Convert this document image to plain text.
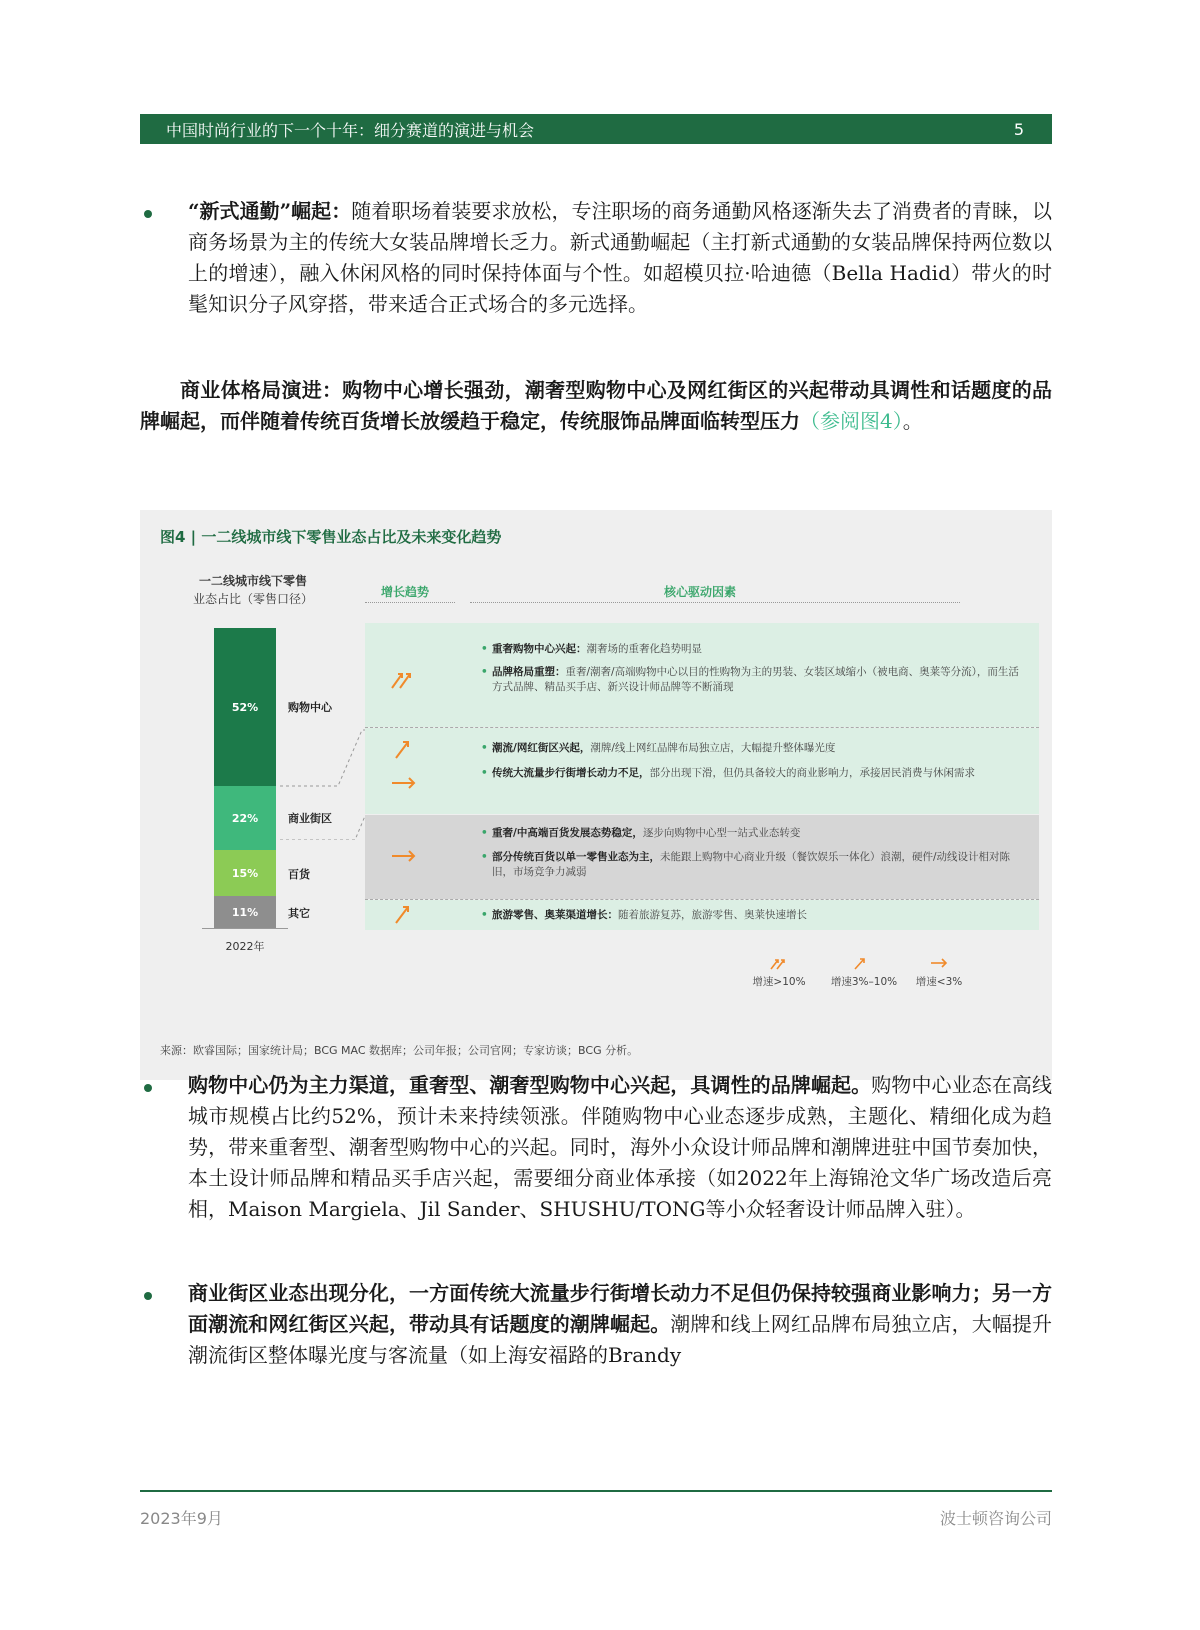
中国时尚行业的下一个十年：细分赛道的演进与机会	5
“新式通勤”崛起：随着职场着装要求放松，专注职场的商务通勤风格逐渐失去了消费者的青睐，以商务场景为主的传统大女装品牌增长乏力。新式通勤崛起（主打新式通勤的女装品牌保持两位数以上的增速），融入休闲风格的同时保持体面与个性。如超模贝拉·哈迪德（Bella Hadid）带火的时髦知识分子风穿搭，带来适合正式场合的多元选择。
商业体格局演进：购物中心增长强劲，潮奢型购物中心及网红街区的兴起带动具调性和话题度的品牌崛起，而伴随着传统百货增长放缓趋于稳定，传统服饰品牌面临转型压力（参阅图4）。
图4 | 一二线城市线下零售业态占比及未来变化趋势
一二线城市线下零售
业态占比（零售口径）	增长趋势	核心驱动因素
52%
22%
15%
11%
2022年
购物中心
商业街区
百货
其它
• 重奢购物中心兴起：潮奢场的重奢化趋势明显
• 品牌格局重塑：重奢/潮奢/高端购物中心以目的性购物为主的男装、女装区域缩小（被电商、奥莱等分流），而生活方式品牌、精品买手店、新兴设计师品牌等不断涌现
• 潮流/网红街区兴起，潮牌/线上网红品牌布局独立店，大幅提升整体曝光度
• 传统大流量步行街增长动力不足，部分出现下滑，但仍具备较大的商业影响力，承接居民消费与休闲需求
• 重奢/中高端百货发展态势稳定，逐步向购物中心型一站式业态转变
• 部分传统百货以单一零售业态为主，未能跟上购物中心商业升级（餐饮娱乐一体化）浪潮，硬件/动线设计相对陈旧，市场竞争力减弱
• 旅游零售、奥莱渠道增长：随着旅游复苏，旅游零售、奥莱快速增长
增速>10%	增速3%–10%	增速<3%
来源：欧睿国际；国家统计局；BCG MAC 数据库；公司年报；公司官网；专家访谈；BCG 分析。
购物中心仍为主力渠道，重奢型、潮奢型购物中心兴起，具调性的品牌崛起。购物中心业态在高线城市规模占比约52%，预计未来持续领涨。伴随购物中心业态逐步成熟，主题化、精细化成为趋势，带来重奢型、潮奢型购物中心的兴起。同时，海外小众设计师品牌和潮牌进驻中国节奏加快，本土设计师品牌和精品买手店兴起，需要细分商业体承接（如2022年上海锦沧文华广场改造后亮相，Maison Margiela、Jil Sander、SHUSHU/TONG等小众轻奢设计师品牌入驻）。
商业街区业态出现分化，一方面传统大流量步行街增长动力不足但仍保持较强商业影响力；另一方面潮流和网红街区兴起，带动具有话题度的潮牌崛起。潮牌和线上网红品牌布局独立店，大幅提升潮流街区整体曝光度与客流量（如上海安福路的Brandy
2023年9月	波士顿咨询公司
